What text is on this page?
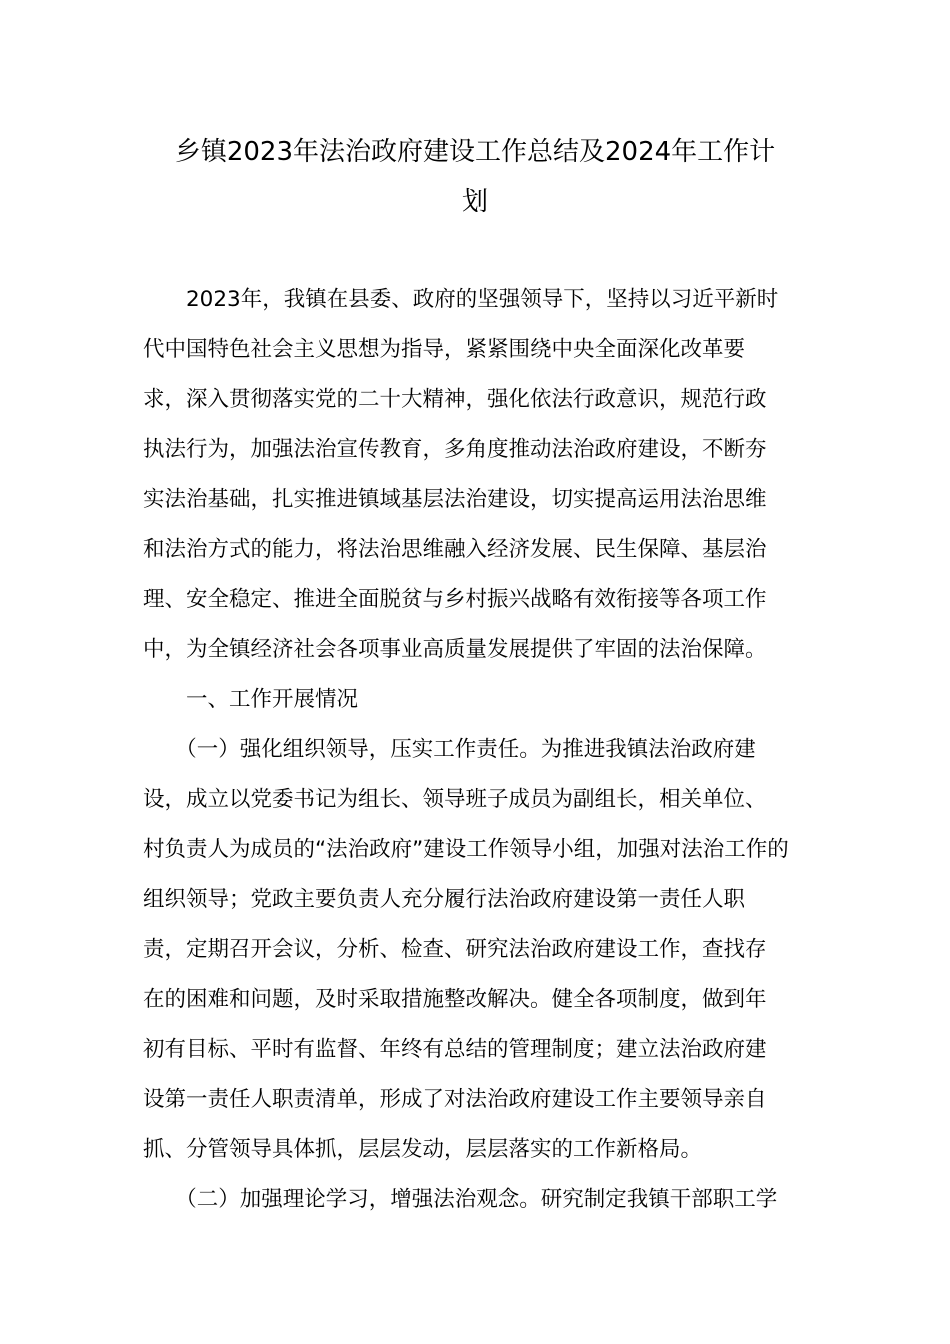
乡镇2023年法治政府建设工作总结及2024年工作计
划
　　2023年，我镇在县委、政府的坚强领导下，坚持以习近平新时
代中国特色社会主义思想为指导，紧紧围绕中央全面深化改革要
求，深入贯彻落实党的二十大精神，强化依法行政意识，规范行政
执法行为，加强法治宣传教育，多角度推动法治政府建设，不断夯
实法治基础，扎实推进镇域基层法治建设，切实提高运用法治思维
和法治方式的能力，将法治思维融入经济发展、民生保障、基层治
理、安全稳定、推进全面脱贫与乡村振兴战略有效衔接等各项工作
中，为全镇经济社会各项事业高质量发展提供了牢固的法治保障。
　　一、工作开展情况
　　（一）强化组织领导，压实工作责任。为推进我镇法治政府建
设，成立以党委书记为组长、领导班子成员为副组长，相关单位、
村负责人为成员的“法治政府”建设工作领导小组，加强对法治工作的
组织领导；党政主要负责人充分履行法治政府建设第一责任人职
责，定期召开会议，分析、检查、研究法治政府建设工作，查找存
在的困难和问题，及时采取措施整改解决。健全各项制度，做到年
初有目标、平时有监督、年终有总结的管理制度；建立法治政府建
设第一责任人职责清单，形成了对法治政府建设工作主要领导亲自
抓、分管领导具体抓，层层发动，层层落实的工作新格局。
　　（二）加强理论学习，增强法治观念。研究制定我镇干部职工学
